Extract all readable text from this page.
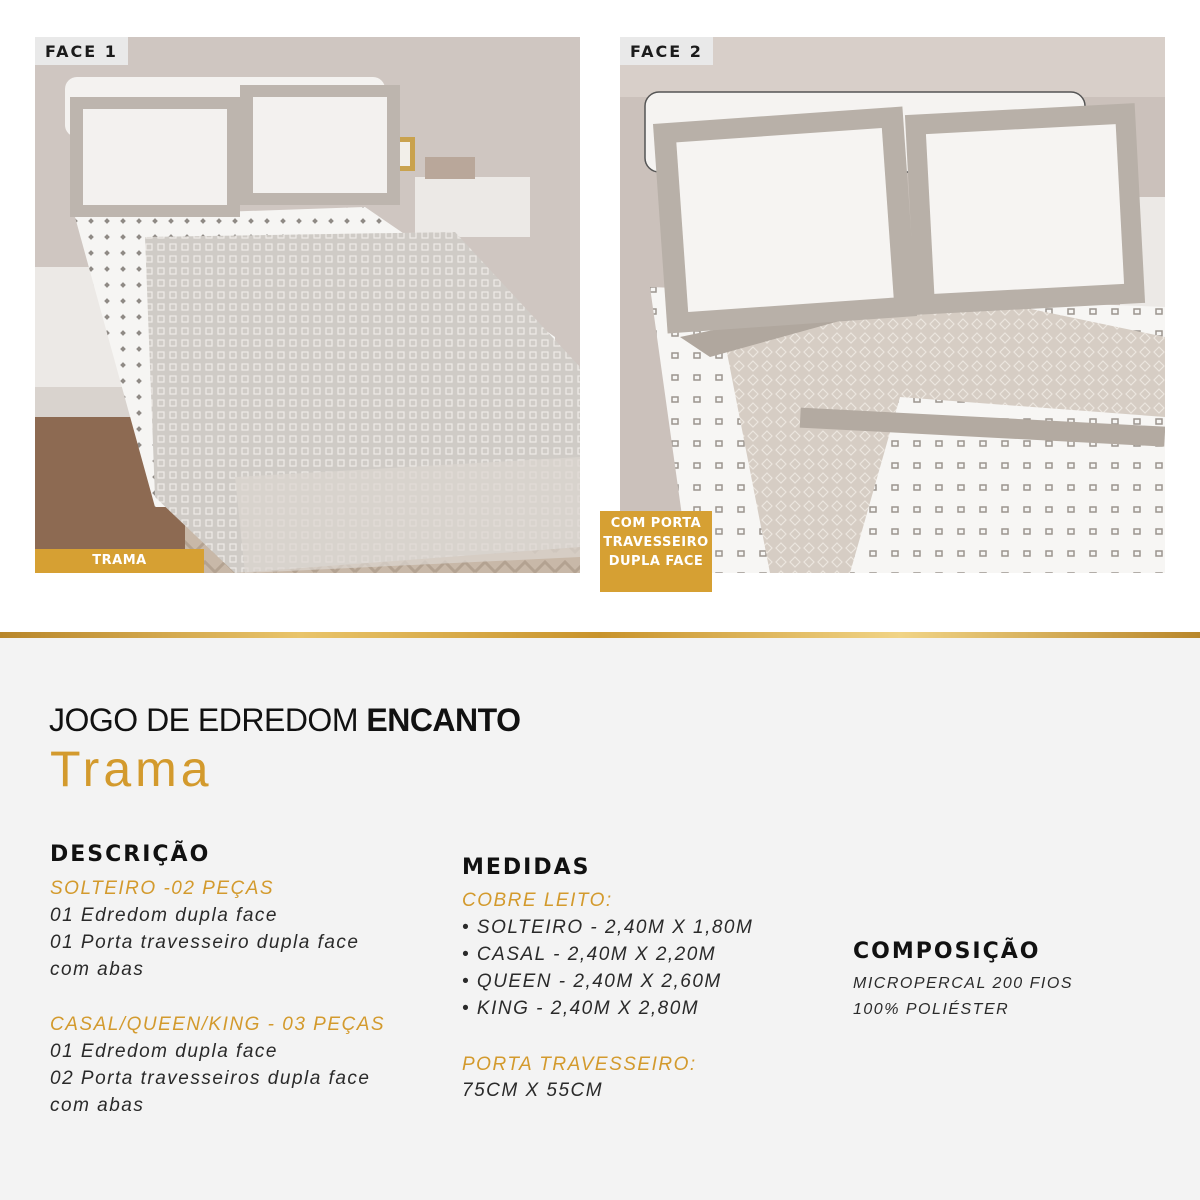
FACE 1
TRAMA
FACE 2
COM PORTA
TRAVESSEIRO
DUPLA FACE
JOGO DE EDREDOM ENCANTO
Trama
DESCRIÇÃO
SOLTEIRO -02 PEÇAS
01 Edredom dupla face
01 Porta travesseiro dupla face
com abas
CASAL/QUEEN/KING - 03 PEÇAS
01 Edredom dupla face
02 Porta travesseiros dupla face
com abas
MEDIDAS
COBRE LEITO:
• SOLTEIRO - 2,40M X 1,80M
• CASAL - 2,40M X 2,20M
• QUEEN - 2,40M X 2,60M
• KING - 2,40M X 2,80M
PORTA TRAVESSEIRO:
75CM X 55CM
COMPOSIÇÃO
MICROPERCAL 200 FIOS
100% POLIÉSTER
